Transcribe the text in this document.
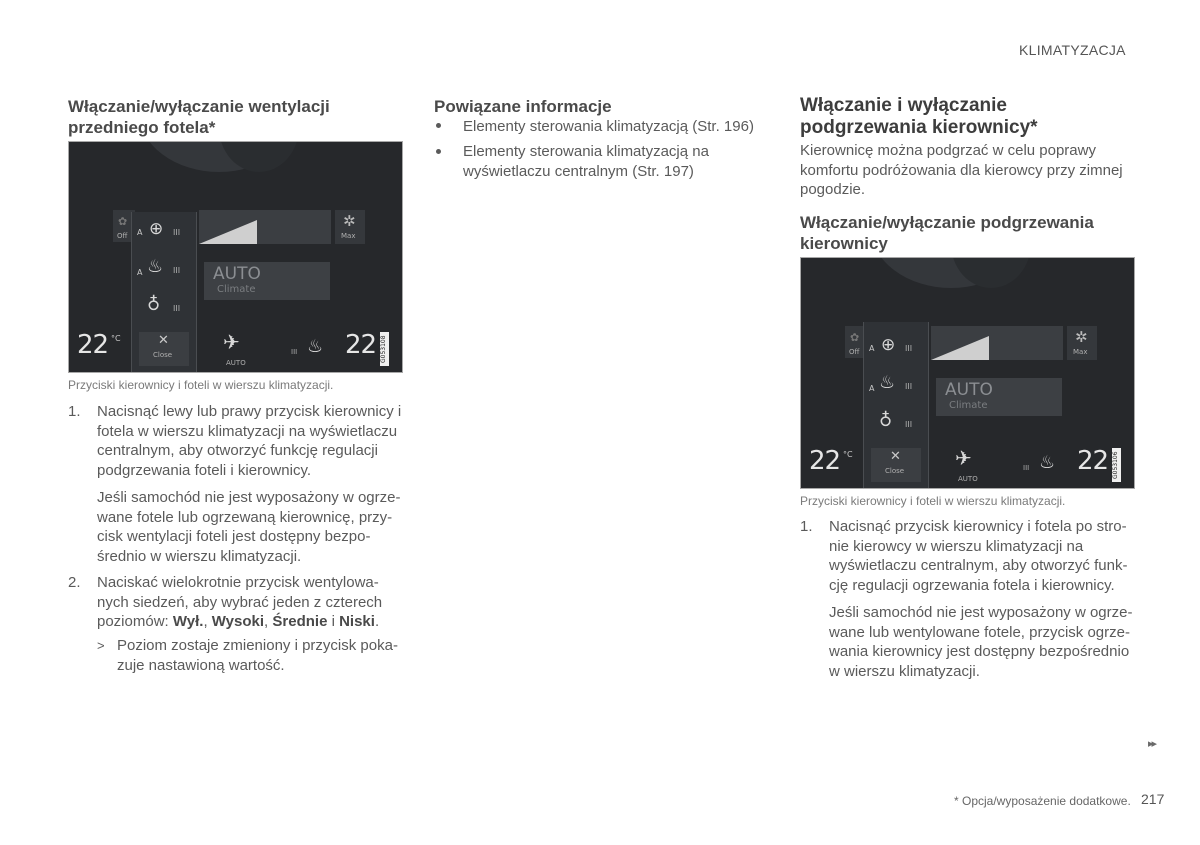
KLIMATYZACJA
Włączanie/wyłączanie wentylacji
przedniego fotela*
Off
✿
A ⊕ III
A ♨ III
♁ III
✲
Max
AUTO
Climate
22 °C	✕
Close
✈
AUTO
III ♨ 22 G053108
Przyciski kierownicy i foteli w wierszu klimatyzacji.
1. Nacisnąć lewy lub prawy przycisk kierownicy i
fotela w wierszu klimatyzacji na wyświetlaczu
centralnym, aby otworzyć funkcję regulacji
podgrzewania foteli i kierownicy.
Jeśli samochód nie jest wyposażony w ogrze-
wane fotele lub ogrzewaną kierownicę, przy-
cisk wentylacji foteli jest dostępny bezpo-
średnio w wierszu klimatyzacji.
2. Naciskać wielokrotnie przycisk wentylowa-
nych siedzeń, aby wybrać jeden z czterech
poziomów: Wył., Wysoki, Średnie i Niski.
> Poziom zostaje zmieniony i przycisk poka-
zuje nastawioną wartość.
Powiązane informacje
Elementy sterowania klimatyzacją (Str. 196)
Elementy sterowania klimatyzacją na
wyświetlaczu centralnym (Str. 197)
Włączanie i wyłączanie
podgrzewania kierownicy*
Kierownicę można podgrzać w celu poprawy
komfortu podróżowania dla kierowcy przy zimnej
pogodzie.
Włączanie/wyłączanie podgrzewania
kierownicy
Off
✿
A ⊕ III
A ♨ III
♁ III
✲
Max
AUTO
Climate
22 °C	✕
Close
✈
AUTO
III ♨ 22 G053106
Przyciski kierownicy i foteli w wierszu klimatyzacji.
1. Nacisnąć przycisk kierownicy i fotela po stro-
nie kierowcy w wierszu klimatyzacji na
wyświetlaczu centralnym, aby otworzyć funk-
cję regulacji ogrzewania fotela i kierownicy.
Jeśli samochód nie jest wyposażony w ogrze-
wane lub wentylowane fotele, przycisk ogrze-
wania kierownicy jest dostępny bezpośrednio
w wierszu klimatyzacji.
▸▸
* Opcja/wyposażenie dodatkowe. 217
